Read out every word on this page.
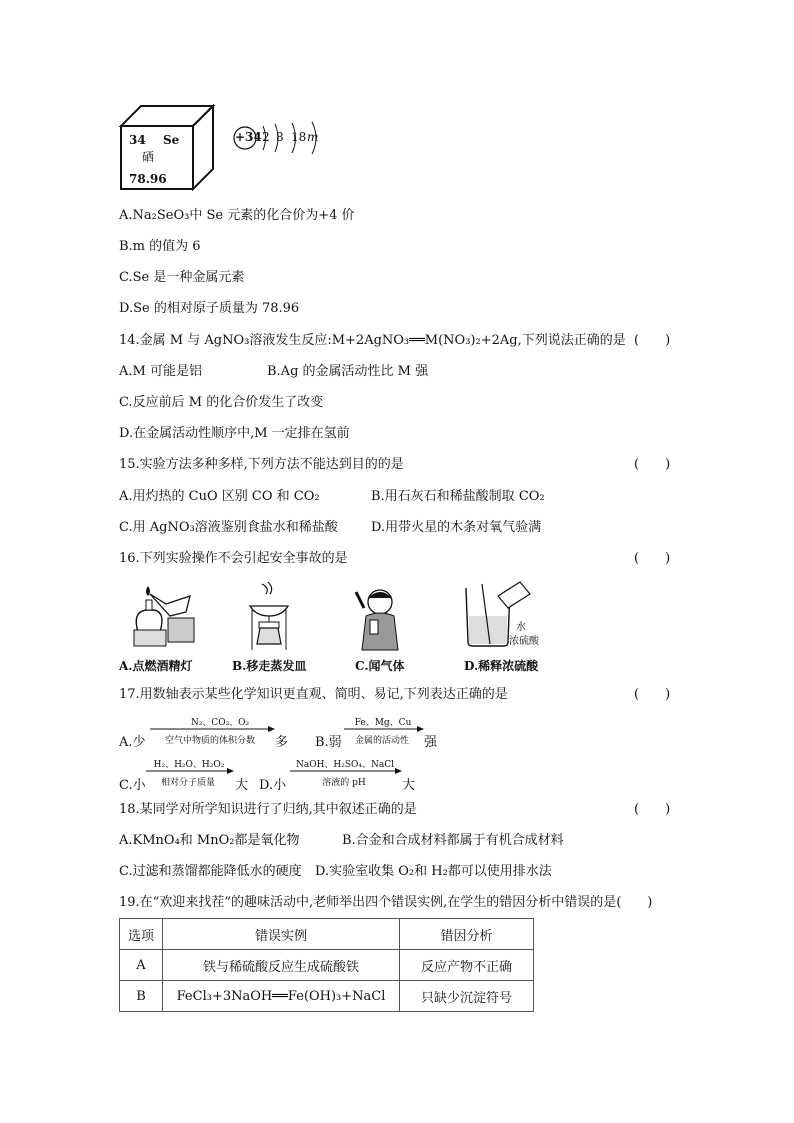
34 Se
硒
78.96
+34 2 8 18 m
A.Na₂SeO₃中 Se 元素的化合价为+4 价
B.m 的值为 6
C.Se 是一种金属元素
D.Se 的相对原子质量为 78.96
14.金属 M 与 AgNO₃溶液发生反应:M+2AgNO₃══M(NO₃)₂+2Ag,下列说法正确的是 (　　)
A.M 可能是铝	B.Ag 的金属活动性比 M 强
C.反应前后 M 的化合价发生了改变
D.在金属活动性顺序中,M 一定排在氢前
15.实验方法多种多样,下列方法不能达到目的的是	(　　)
A.用灼热的 CuO 区别 CO 和 CO₂	B.用石灰石和稀盐酸制取 CO₂
C.用 AgNO₃溶液鉴别食盐水和稀盐酸	D.用带火星的木条对氧气验满
16.下列实验操作不会引起安全事故的是	(　　)
水
浓硫酸
A.点燃酒精灯	B.移走蒸发皿	C.闻气体	D.稀释浓硫酸
17.用数轴表示某些化学知识更直观、简明、易记,下列表达正确的是	(　　)
A.少
N₂、CO₂、O₂
空气中物质的体积分数	多 B.弱
Fe、Mg、Cu
金属的活动性	强
C.小
H₂、H₂O、H₂O₂
相对分子质量	大 D.小
NaOH、H₂SO₄、NaCl
溶液的 pH	大
18.某同学对所学知识进行了归纳,其中叙述正确的是	(　　)
A.KMnO₄和 MnO₂都是氧化物	B.合金和合成材料都属于有机合成材料
C.过滤和蒸馏都能降低水的硬度 D.实验室收集 O₂和 H₂都可以使用排水法
19.在“欢迎来找茬”的趣味活动中,老师举出四个错误实例,在学生的错因分析中错误的是(　　)
选项	错误实例	错因分析
A	铁与稀硫酸反应生成硫酸铁	反应产物不正确
B	FeCl₃+3NaOH══Fe(OH)₃+NaCl	只缺少沉淀符号
